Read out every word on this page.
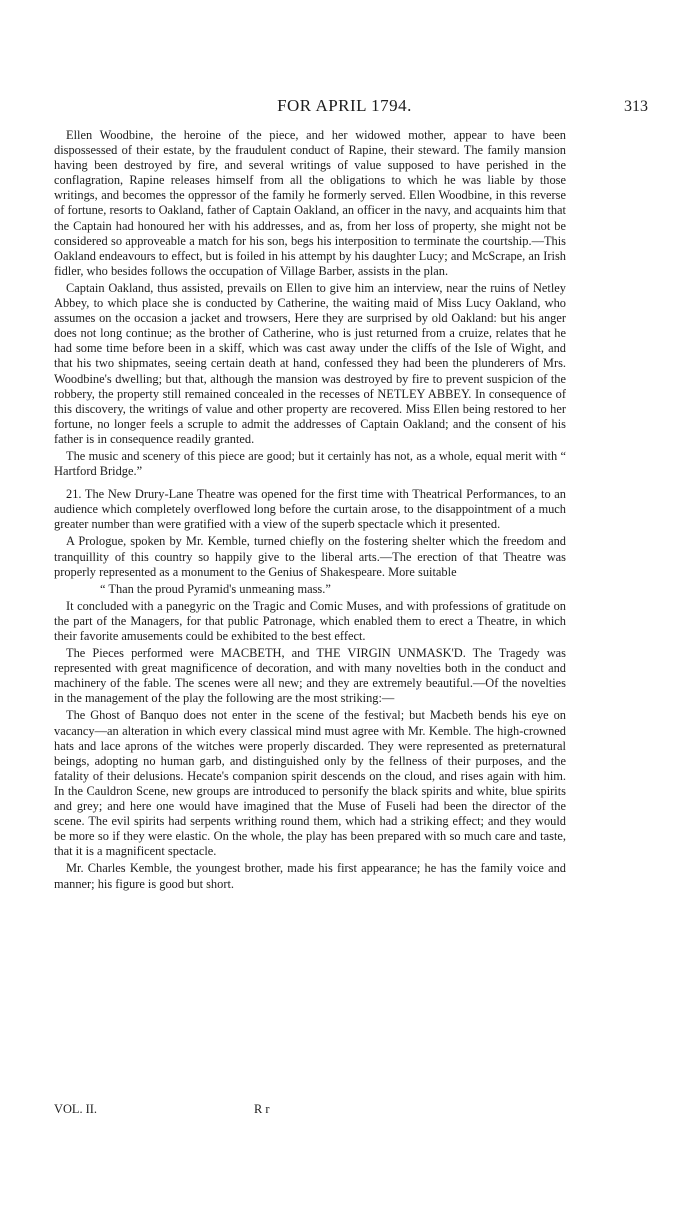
FOR APRIL 1794.	313

Ellen Woodbine, the heroine of the piece, and her widowed mother, appear to have been dispossessed of their estate, by the fraudulent conduct of Rapine, their steward. The family mansion having been destroyed by fire, and several writings of value supposed to have perished in the conflagration, Rapine releases himself from all the obligations to which he was liable by those writings, and becomes the oppressor of the family he formerly served. Ellen Woodbine, in this reverse of fortune, resorts to Oakland, father of Captain Oakland, an officer in the navy, and acquaints him that the Captain had honoured her with his addresses, and as, from her loss of property, she might not be considered so approveable a match for his son, begs his interposition to terminate the courtship.—This Oakland endeavours to effect, but is foiled in his attempt by his daughter Lucy; and McScrape, an Irish fidler, who besides follows the occupation of Village Barber, assists in the plan.

Captain Oakland, thus assisted, prevails on Ellen to give him an interview, near the ruins of Netley Abbey, to which place she is conducted by Catherine, the waiting maid of Miss Lucy Oakland, who assumes on the occasion a jacket and trowsers, Here they are surprised by old Oakland: but his anger does not long continue; as the brother of Catherine, who is just returned from a cruize, relates that he had some time before been in a skiff, which was cast away under the cliffs of the Isle of Wight, and that his two shipmates, seeing certain death at hand, confessed they had been the plunderers of Mrs. Woodbine's dwelling; but that, although the mansion was destroyed by fire to prevent suspicion of the robbery, the property still remained concealed in the recesses of NETLEY ABBEY. In consequence of this discovery, the writings of value and other property are recovered. Miss Ellen being restored to her fortune, no longer feels a scruple to admit the addresses of Captain Oakland; and the consent of his father is in consequence readily granted.

The music and scenery of this piece are good; but it certainly has not, as a whole, equal merit with “ Hartford Bridge.”

21. The New Drury-Lane Theatre was opened for the first time with Theatrical Performances, to an audience which completely overflowed long before the curtain arose, to the disappointment of a much greater number than were gratified with a view of the superb spectacle which it presented.

A Prologue, spoken by Mr. Kemble, turned chiefly on the fostering shelter which the freedom and tranquillity of this country so happily give to the liberal arts.—The erection of that Theatre was properly represented as a monument to the Genius of Shakespeare. More suitable

“ Than the proud Pyramid's unmeaning mass.”

It concluded with a panegyric on the Tragic and Comic Muses, and with professions of gratitude on the part of the Managers, for that public Patronage, which enabled them to erect a Theatre, in which their favorite amusements could be exhibited to the best effect.

The Pieces performed were MACBETH, and THE VIRGIN UNMASK'D. The Tragedy was represented with great magnificence of decoration, and with many novelties both in the conduct and machinery of the fable. The scenes were all new; and they are extremely beautiful.—Of the novelties in the management of the play the following are the most striking:—

The Ghost of Banquo does not enter in the scene of the festival; but Macbeth bends his eye on vacancy—an alteration in which every classical mind must agree with Mr. Kemble. The high-crowned hats and lace aprons of the witches were properly discarded. They were represented as preternatural beings, adopting no human garb, and distinguished only by the fellness of their purposes, and the fatality of their delusions. Hecate's companion spirit descends on the cloud, and rises again with him. In the Cauldron Scene, new groups are introduced to personify the black spirits and white, blue spirits and grey; and here one would have imagined that the Muse of Fuseli had been the director of the scene. The evil spirits had serpents writhing round them, which had a striking effect; and they would be more so if they were elastic. On the whole, the play has been prepared with so much care and taste, that it is a magnificent spectacle.

Mr. Charles Kemble, the youngest brother, made his first appearance; he has the family voice and manner; his figure is good but short.

VOL. II.	R r
